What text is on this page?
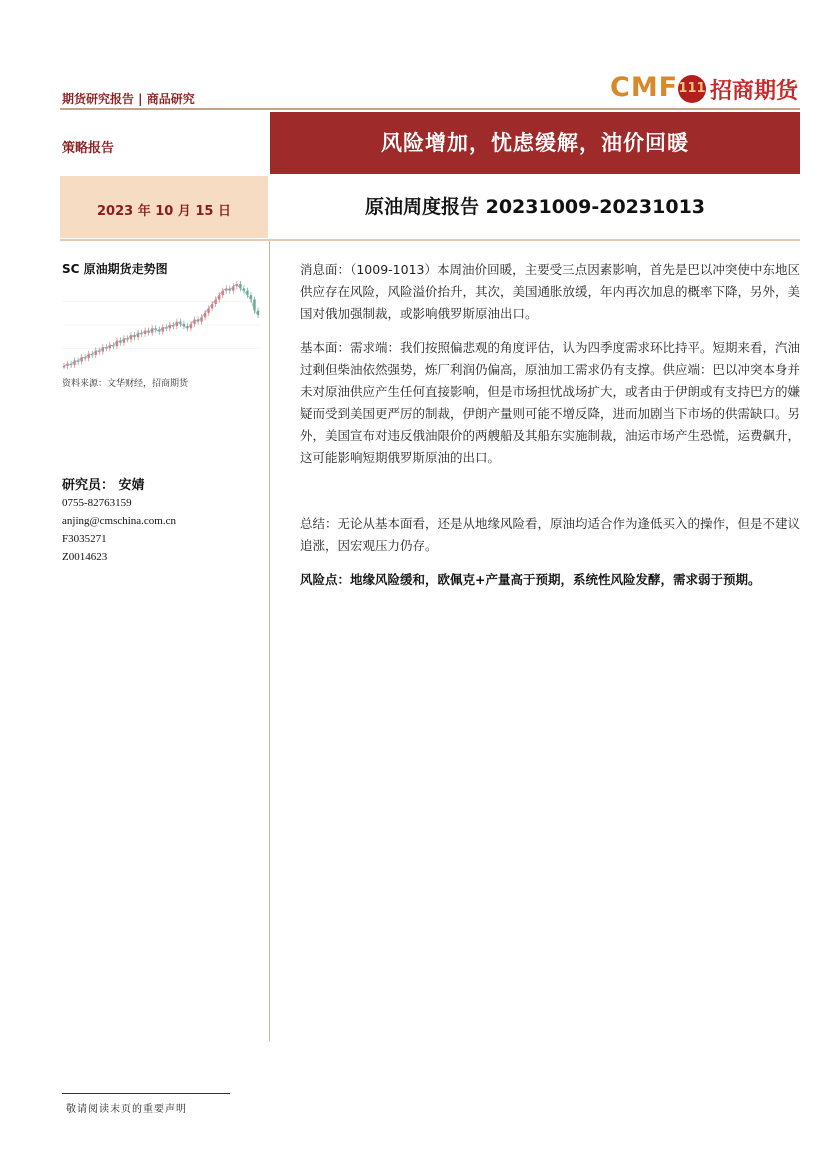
期货研究报告 | 商品研究	CMF 111 招商期货
策略报告	风险增加，忧虑缓解，油价回暖
2023 年 10 月 15 日	原油周度报告 20231009-20231013
SC 原油期货走势图
资料来源：文华财经，招商期货
研究员： 安婧
0755-82763159
anjing@cmschina.com.cn
F3035271
Z0014623
消息面：（1009-1013）本周油价回暖，主要受三点因素影响，首先是巴以冲突使中东地区供应存在风险，风险溢价抬升，其次，美国通胀放缓，年内再次加息的概率下降，另外，美国对俄加强制裁，或影响俄罗斯原油出口。
基本面：需求端：我们按照偏悲观的角度评估，认为四季度需求环比持平。短期来看，汽油过剩但柴油依然强势，炼厂利润仍偏高，原油加工需求仍有支撑。供应端：巴以冲突本身并未对原油供应产生任何直接影响，但是市场担忧战场扩大，或者由于伊朗或有支持巴方的嫌疑而受到美国更严厉的制裁，伊朗产量则可能不增反降，进而加剧当下市场的供需缺口。另外，美国宣布对违反俄油限价的两艘船及其船东实施制裁，油运市场产生恐慌，运费飙升，这可能影响短期俄罗斯原油的出口。
总结：无论从基本面看，还是从地缘风险看，原油均适合作为逢低买入的操作，但是不建议追涨，因宏观压力仍存。
风险点：地缘风险缓和，欧佩克+产量高于预期，系统性风险发酵，需求弱于预期。
敬请阅读末页的重要声明
